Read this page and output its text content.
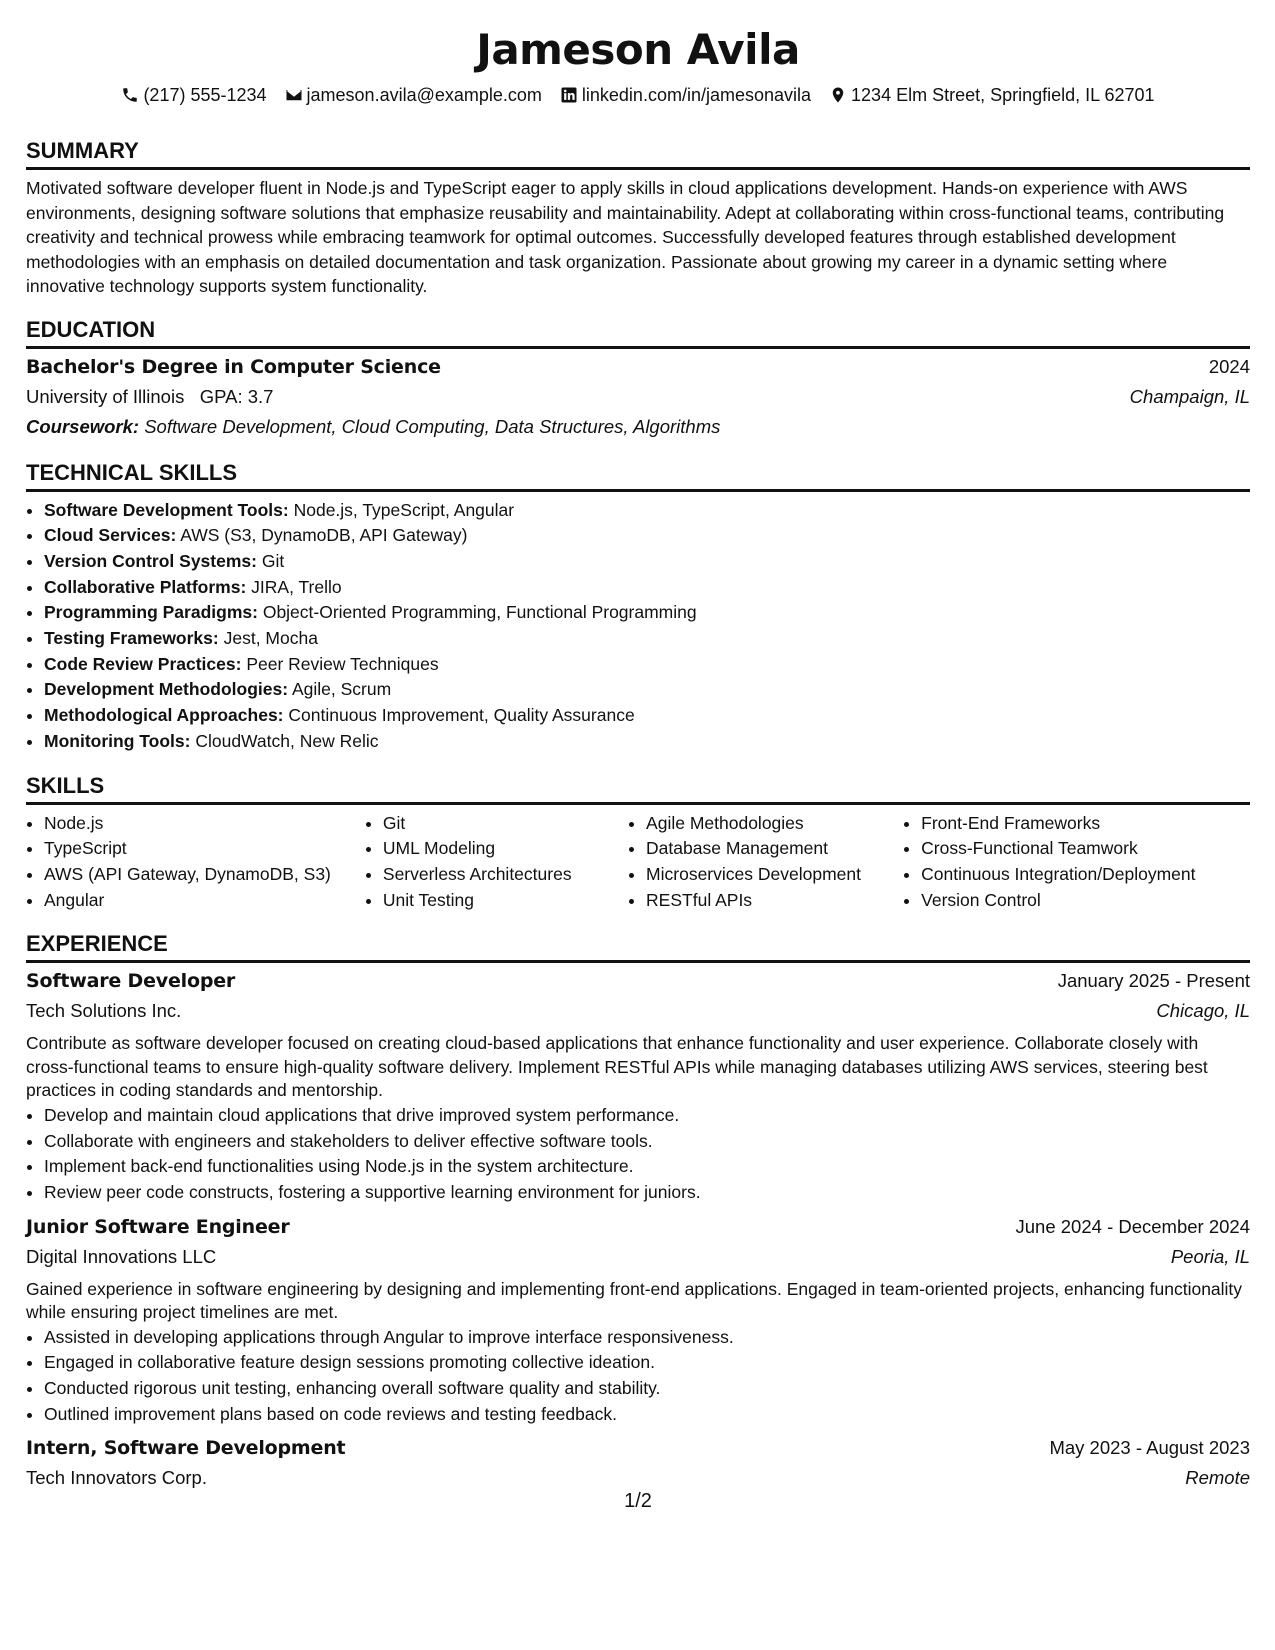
Jameson Avila
(217) 555-1234 jameson.avila@example.com linkedin.com/in/jamesonavila 1234 Elm Street, Springfield, IL 62701
SUMMARY
Motivated software developer fluent in Node.js and TypeScript eager to apply skills in cloud applications development. Hands-on experience with AWS environments, designing software solutions that emphasize reusability and maintainability. Adept at collaborating within cross-functional teams, contributing creativity and technical prowess while embracing teamwork for optimal outcomes. Successfully developed features through established development methodologies with an emphasis on detailed documentation and task organization. Passionate about growing my career in a dynamic setting where innovative technology supports system functionality.
EDUCATION
Bachelor's Degree in Computer Science	2024
University of Illinois GPA: 3.7	Champaign, IL
Coursework: Software Development, Cloud Computing, Data Structures, Algorithms
TECHNICAL SKILLS
• Software Development Tools: Node.js, TypeScript, Angular
• Cloud Services: AWS (S3, DynamoDB, API Gateway)
• Version Control Systems: Git
• Collaborative Platforms: JIRA, Trello
• Programming Paradigms: Object-Oriented Programming, Functional Programming
• Testing Frameworks: Jest, Mocha
• Code Review Practices: Peer Review Techniques
• Development Methodologies: Agile, Scrum
• Methodological Approaches: Continuous Improvement, Quality Assurance
• Monitoring Tools: CloudWatch, New Relic
SKILLS
• Node.js
• TypeScript
• AWS (API Gateway, DynamoDB, S3)
• Angular
• Git
• UML Modeling
• Serverless Architectures
• Unit Testing
• Agile Methodologies
• Database Management
• Microservices Development
• RESTful APIs
• Front-End Frameworks
• Cross-Functional Teamwork
• Continuous Integration/Deployment
• Version Control
EXPERIENCE
Software Developer	January 2025 - Present
Tech Solutions Inc.	Chicago, IL
Contribute as software developer focused on creating cloud-based applications that enhance functionality and user experience. Collaborate closely with cross-functional teams to ensure high-quality software delivery. Implement RESTful APIs while managing databases utilizing AWS services, steering best practices in coding standards and mentorship.
• Develop and maintain cloud applications that drive improved system performance.
• Collaborate with engineers and stakeholders to deliver effective software tools.
• Implement back-end functionalities using Node.js in the system architecture.
• Review peer code constructs, fostering a supportive learning environment for juniors.
Junior Software Engineer	June 2024 - December 2024
Digital Innovations LLC	Peoria, IL
Gained experience in software engineering by designing and implementing front-end applications. Engaged in team-oriented projects, enhancing functionality while ensuring project timelines are met.
• Assisted in developing applications through Angular to improve interface responsiveness.
• Engaged in collaborative feature design sessions promoting collective ideation.
• Conducted rigorous unit testing, enhancing overall software quality and stability.
• Outlined improvement plans based on code reviews and testing feedback.
Intern, Software Development	May 2023 - August 2023
Tech Innovators Corp.	Remote
1/2
